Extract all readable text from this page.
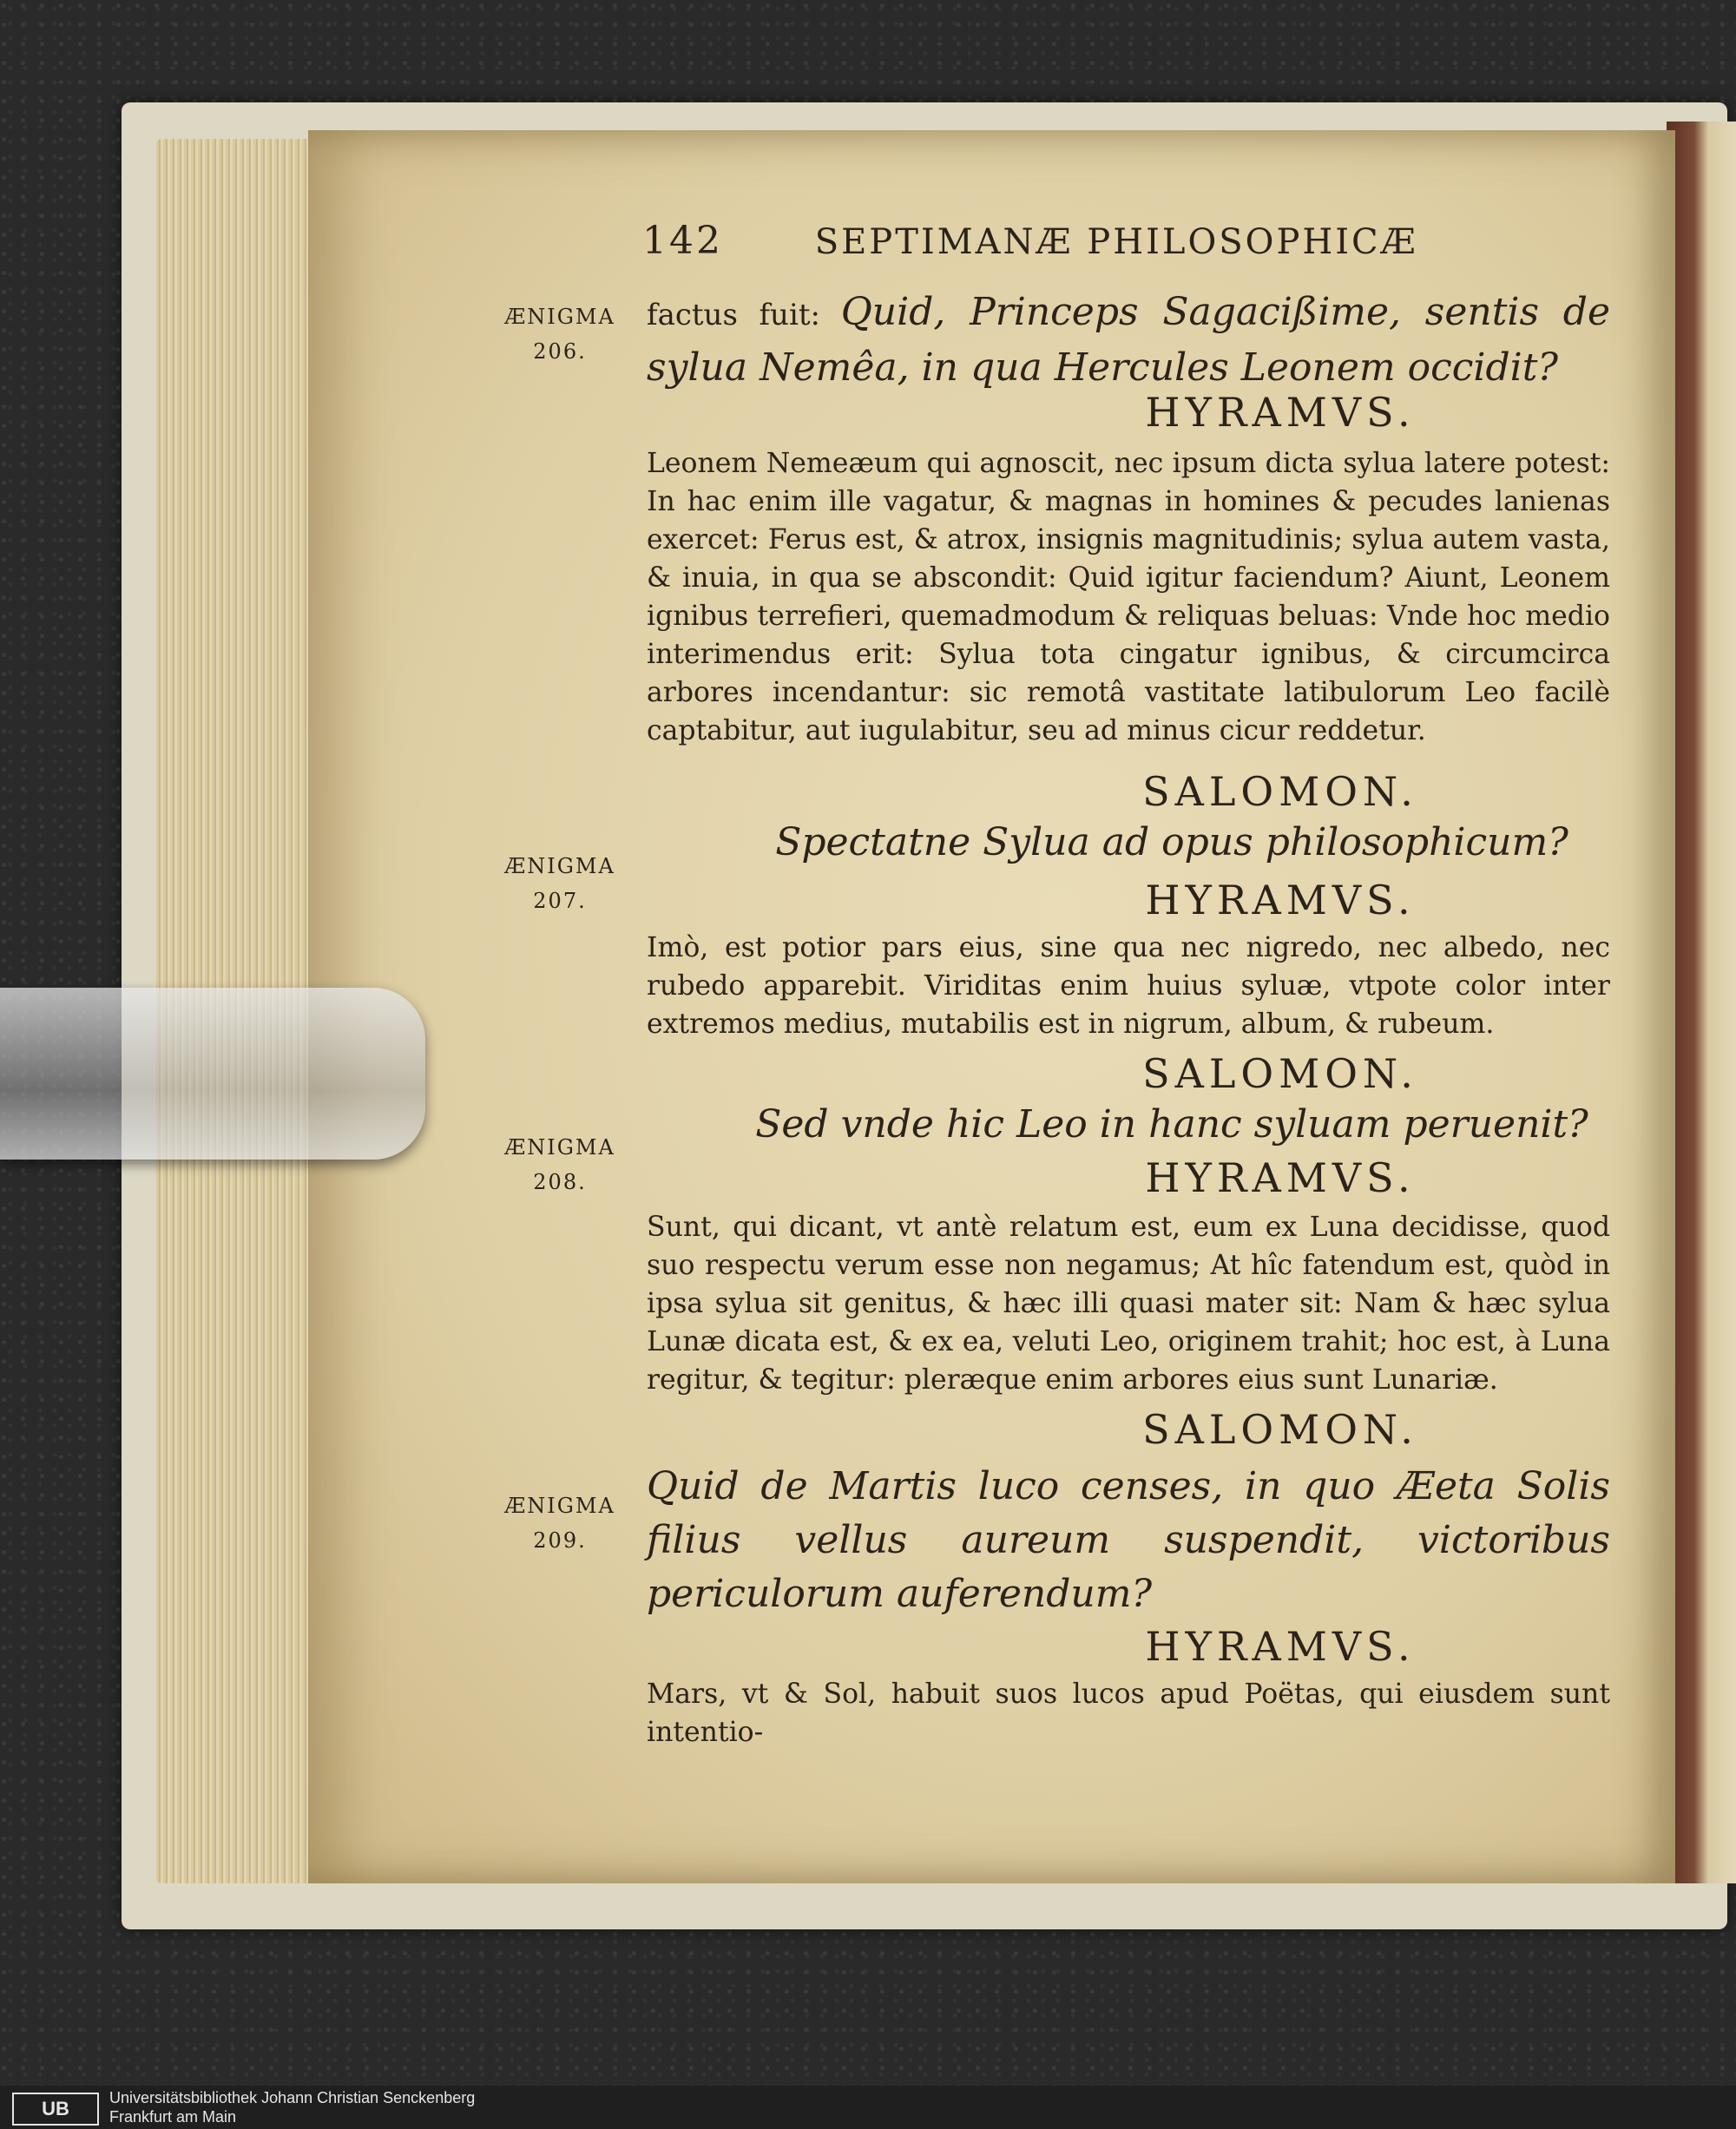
142	SEPTIMANÆ PHILOSOPHICÆ
ÆNIGMA
206.
ÆNIGMA
207.
ÆNIGMA
208.
ÆNIGMA
209.
factus fuit: Quid, Princeps Sagacißime, sentis de sylua Nemêa, in qua Hercules Leonem occidit?
HYRAMVS.
Leonem Nemeæum qui agnoscit, nec ipsum dicta sylua latere potest: In hac enim ille vagatur, & magnas in homines & pecudes lanienas exercet: Ferus est, & atrox, insignis magnitudinis; sylua autem vasta, & inuia, in qua se abscondit: Quid igitur faciendum? Aiunt, Leonem ignibus terrefieri, quemadmodum & reliquas beluas: Vnde hoc medio interimendus erit: Sylua tota cingatur ignibus, & circumcirca arbores incendantur: sic remotâ vastitate latibulorum Leo facilè captabitur, aut iugulabitur, seu ad minus cicur reddetur.
SALOMON.
Spectatne Sylua ad opus philosophicum?
HYRAMVS.
Imò, est potior pars eius, sine qua nec nigredo, nec albedo, nec rubedo apparebit. Viriditas enim huius syluæ, vtpote color inter extremos medius, mutabilis est in nigrum, album, & rubeum.
SALOMON.
Sed vnde hic Leo in hanc syluam peruenit?
HYRAMVS.
Sunt, qui dicant, vt antè relatum est, eum ex Luna decidisse, quod suo respectu verum esse non negamus; At hîc fatendum est, quòd in ipsa sylua sit genitus, & hæc illi quasi mater sit: Nam & hæc sylua Lunæ dicata est, & ex ea, veluti Leo, originem trahit; hoc est, à Luna regitur, & tegitur: pleræque enim arbores eius sunt Lunariæ.
SALOMON.
Quid de Martis luco censes, in quo Æeta Solis filius vellus aureum suspendit, victoribus periculorum auferendum?
HYRAMVS.
Mars, vt & Sol, habuit suos lucos apud Poëtas, qui eiusdem sunt intentio-
UB	Universitätsbibliothek Johann Christian Senckenberg
Frankfurt am Main
